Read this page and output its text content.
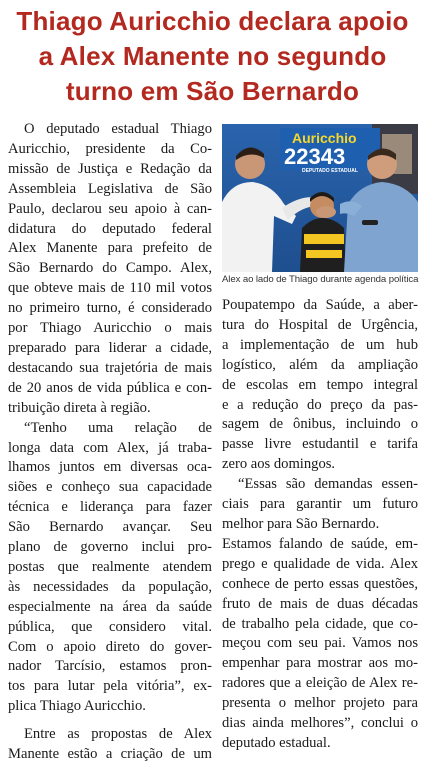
Thiago Auricchio declara apoio
a Alex Manente no segundo
turno em São Bernardo
O deputado estadual Thiago
Auricchio, presidente da Co-
missão de Justiça e Redação da
Assembleia Legislativa de São
Paulo, declarou seu apoio à can-
didatura do deputado federal
Alex Manente para prefeito de
São Bernardo do Campo. Alex,
que obteve mais de 110 mil votos
no primeiro turno, é considerado
por Thiago Auricchio o mais
preparado para liderar a cidade,
destacando sua trajetória de mais
de 20 anos de vida pública e con-
tribuição direta à região.
“Tenho uma relação de
longa data com Alex, já traba-
lhamos juntos em diversas oca-
siões e conheço sua capacidade
técnica e liderança para fazer
São Bernardo avançar. Seu
plano de governo inclui pro-
postas que realmente atendem
às necessidades da população,
especialmente na área da saúde
pública, que considero vital.
Com o apoio direto do gover-
nador Tarcísio, estamos pron-
tos para lutar pela vitória”, ex-
plica Thiago Auricchio.
Entre as propostas de Alex
Manente estão a criação de um
Auricchio
22343
DEPUTADO ESTADUAL
Alex ao lado de Thiago durante agenda política
Poupatempo da Saúde, a aber-
tura do Hospital de Urgência,
a implementação de um hub
logístico, além da ampliação
de escolas em tempo integral
e a redução do preço da pas-
sagem de ônibus, incluindo o
passe livre estudantil e tarifa
zero aos domingos.
“Essas são demandas essen-
ciais para garantir um futuro
melhor para São Bernardo.
Estamos falando de saúde, em-
prego e qualidade de vida. Alex
conhece de perto essas questões,
fruto de mais de duas décadas
de trabalho pela cidade, que co-
meçou com seu pai. Vamos nos
empenhar para mostrar aos mo-
radores que a eleição de Alex re-
presenta o melhor projeto para
dias ainda melhores”, conclui o
deputado estadual.
